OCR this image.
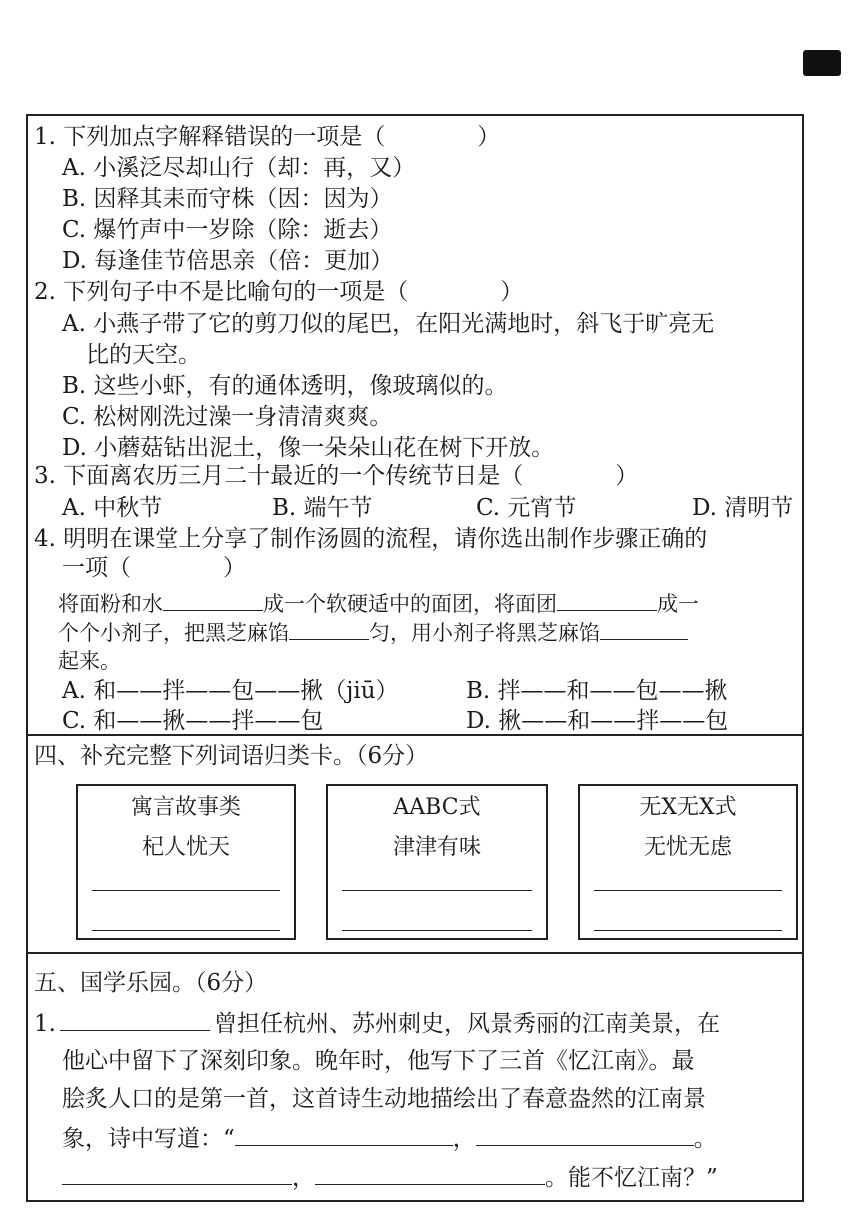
1. 下列加点字解释错误的一项是（　　　　）
A. 小溪泛尽却山行（却：再，又）
B. 因释其耒而守株（因：因为）
C. 爆竹声中一岁除（除：逝去）
D. 每逢佳节倍思亲（倍：更加）
2. 下列句子中不是比喻句的一项是（　　　　）
A. 小燕子带了它的剪刀似的尾巴，在阳光满地时，斜飞于旷亮无
比的天空。
B. 这些小虾，有的通体透明，像玻璃似的。
C. 松树刚洗过澡一身清清爽爽。
D. 小蘑菇钻出泥土，像一朵朵山花在树下开放。
3. 下面离农历三月二十最近的一个传统节日是（　　　　）
A. 中秋节	B. 端午节	C. 元宵节	D. 清明节
4. 明明在课堂上分享了制作汤圆的流程，请你选出制作步骤正确的
一项（　　　　）
将面粉和水	成一个软硬适中的面团，将面团	成一
个个小剂子，把黑芝麻馅	匀，用小剂子将黑芝麻馅
起来。
A. 和——拌——包——揪（jiū）	B. 拌——和——包——揪
C. 和——揪——拌——包	D. 揪——和——拌——包
四、补充完整下列词语归类卡。（6分）
寓言故事类
杞人忧天
AABC式
津津有味
无X无X式
无忧无虑
五、国学乐园。（6分）
1.	曾担任杭州、苏州刺史，风景秀丽的江南美景，在
他心中留下了深刻印象。晚年时，他写下了三首《忆江南》。最
脍炙人口的是第一首，这首诗生动地描绘出了春意盎然的江南景
象，诗中写道：“	，	。
，	。能不忆江南？”
